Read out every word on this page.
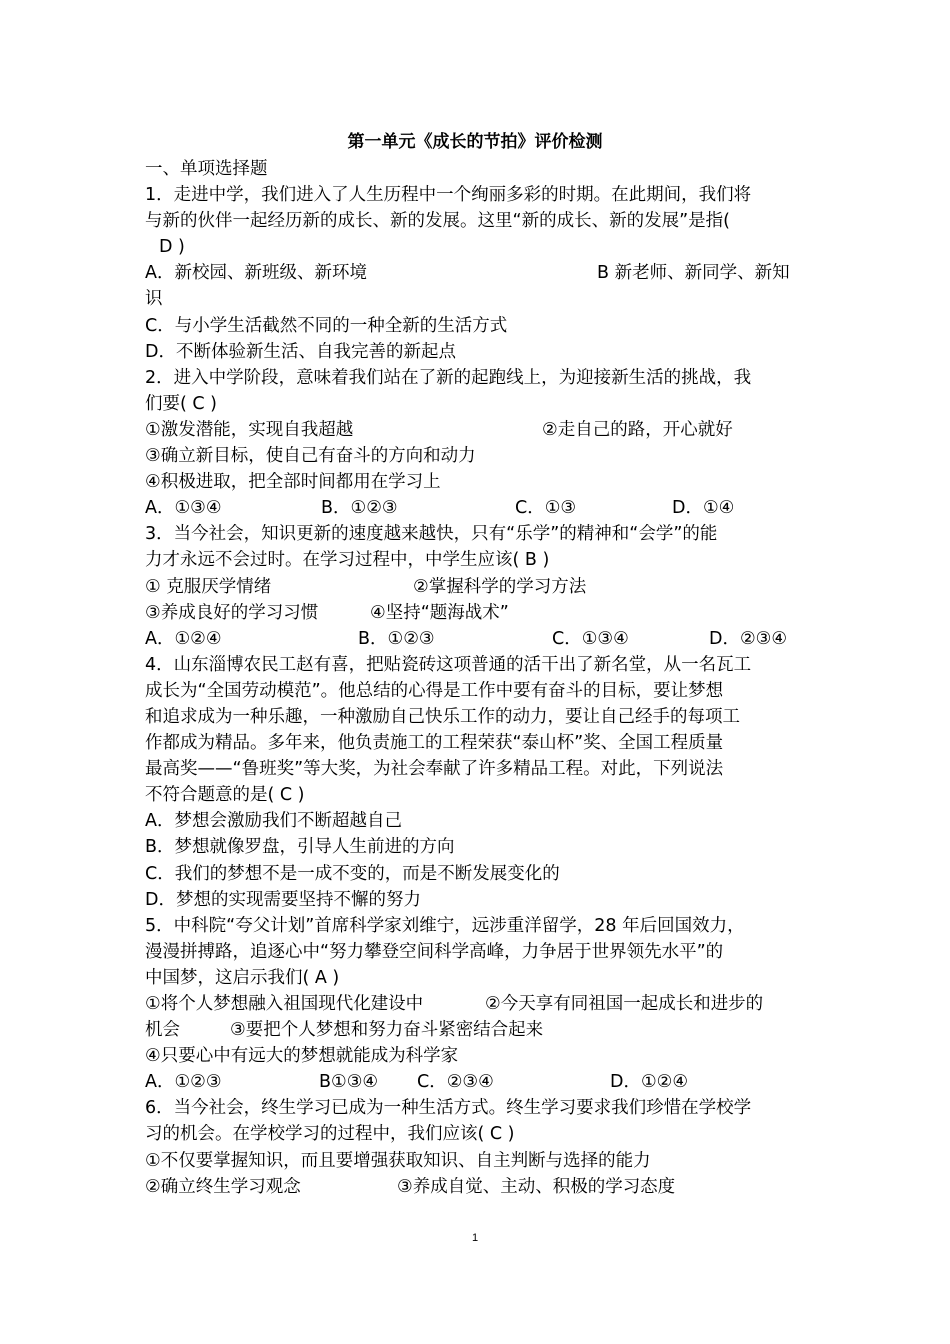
第一单元《成长的节拍》评价检测
一、单项选择题
1．走进中学，我们进入了人生历程中一个绚丽多彩的时期。在此期间，我们将
与新的伙伴一起经历新的成长、新的发展。这里“新的成长、新的发展”是指(
D )
A．新校园、新班级、新环境	B 新老师、新同学、新知
识
C．与小学生活截然不同的一种全新的生活方式
D．不断体验新生活、自我完善的新起点
2．进入中学阶段，意味着我们站在了新的起跑线上，为迎接新生活的挑战，我
们要( C )
①激发潜能，实现自我超越	②走自己的路，开心就好
③确立新目标，使自己有奋斗的方向和动力
④积极进取，把全部时间都用在学习上
A．①③④	B．①②③	C．①③	D．①④
3．当今社会，知识更新的速度越来越快，只有“乐学”的精神和“会学”的能
力才永远不会过时。在学习过程中，中学生应该( B )
① 克服厌学情绪	②掌握科学的学习方法
③养成良好的学习习惯	④坚持“题海战术”
A．①②④	B．①②③	C．①③④	D．②③④
4．山东淄博农民工赵有喜，把贴瓷砖这项普通的活干出了新名堂，从一名瓦工
成长为“全国劳动模范”。他总结的心得是工作中要有奋斗的目标，要让梦想
和追求成为一种乐趣，一种激励自己快乐工作的动力，要让自己经手的每项工
作都成为精品。多年来，他负责施工的工程荣获“泰山杯”奖、全国工程质量
最高奖——“鲁班奖”等大奖，为社会奉献了许多精品工程。对此，下列说法
不符合题意的是( C )
A．梦想会激励我们不断超越自己
B．梦想就像罗盘，引导人生前进的方向
C．我们的梦想不是一成不变的，而是不断发展变化的
D．梦想的实现需要坚持不懈的努力
5．中科院“夸父计划”首席科学家刘维宁，远涉重洋留学，28 年后回国效力，
漫漫拼搏路，追逐心中“努力攀登空间科学高峰，力争居于世界领先水平”的
中国梦，这启示我们( A )
①将个人梦想融入祖国现代化建设中	②今天享有同祖国一起成长和进步的
机会	③要把个人梦想和努力奋斗紧密结合起来
④只要心中有远大的梦想就能成为科学家
A．①②③	B①③④ C．②③④	D．①②④
6．当今社会，终生学习已成为一种生活方式。终生学习要求我们珍惜在学校学
习的机会。在学校学习的过程中，我们应该( C )
①不仅要掌握知识，而且要增强获取知识、自主判断与选择的能力
②确立终生学习观念	③养成自觉、主动、积极的学习态度
1
